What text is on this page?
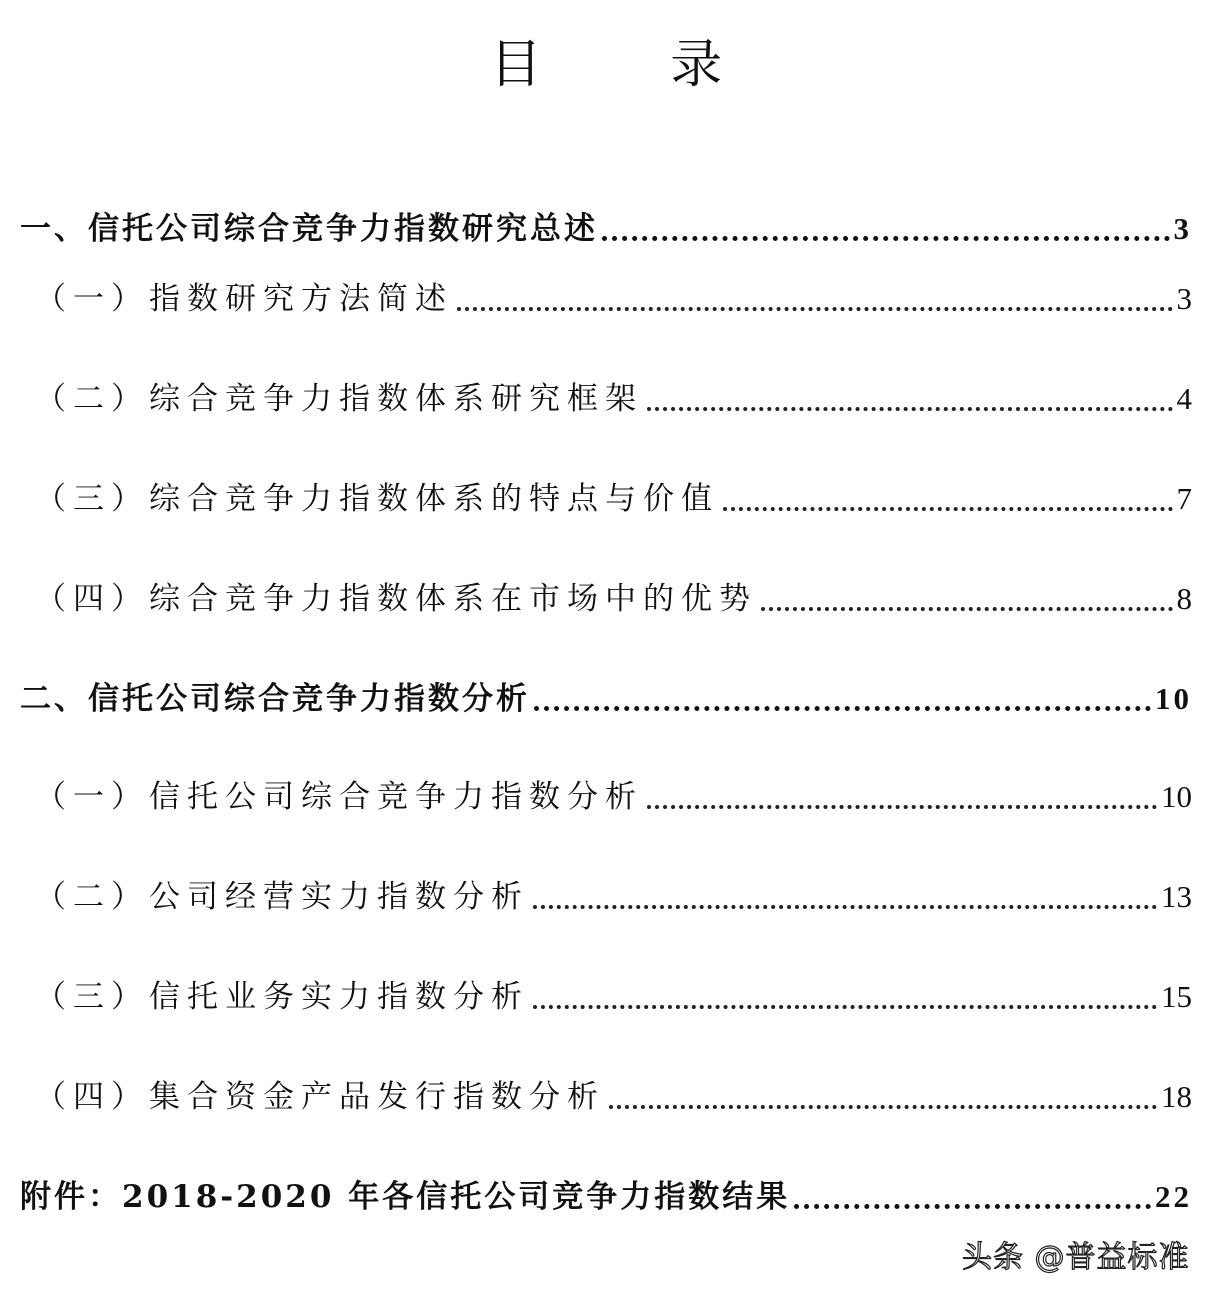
目 录
一、信托公司综合竞争力指数研究总述	3
（一）指数研究方法简述	3
（二）综合竞争力指数体系研究框架	4
（三）综合竞争力指数体系的特点与价值	7
（四）综合竞争力指数体系在市场中的优势	8
二、信托公司综合竞争力指数分析	10
（一）信托公司综合竞争力指数分析	10
（二）公司经营实力指数分析	13
（三）信托业务实力指数分析	15
（四）集合资金产品发行指数分析	18
附件：2018-2020 年各信托公司竞争力指数结果	22
头条 @普益标准
